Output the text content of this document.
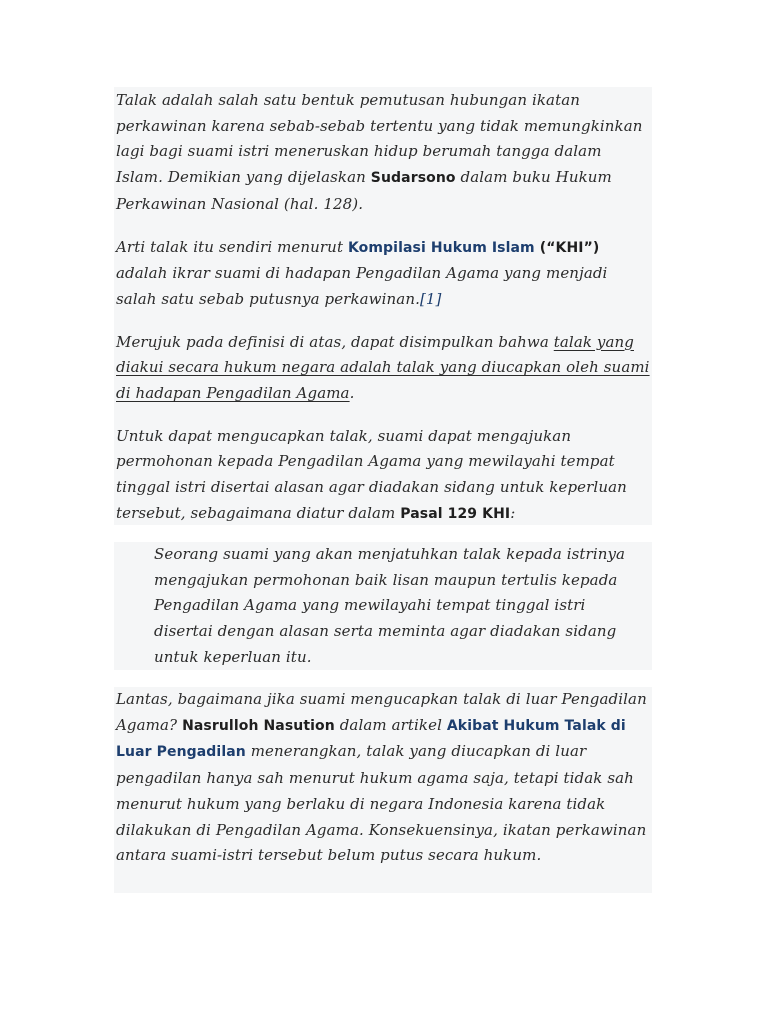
Talak adalah salah satu bentuk pemutusan hubungan ikatan perkawinan karena sebab-sebab tertentu yang tidak memungkinkan lagi bagi suami istri meneruskan hidup berumah tangga dalam Islam. Demikian yang dijelaskan Sudarsono dalam buku Hukum Perkawinan Nasional (hal. 128).

Arti talak itu sendiri menurut Kompilasi Hukum Islam (“KHI”) adalah ikrar suami di hadapan Pengadilan Agama yang menjadi salah satu sebab putusnya perkawinan.[1]

Merujuk pada definisi di atas, dapat disimpulkan bahwa talak yang diakui secara hukum negara adalah talak yang diucapkan oleh suami di hadapan Pengadilan Agama.

Untuk dapat mengucapkan talak, suami dapat mengajukan permohonan kepada Pengadilan Agama yang mewilayahi tempat tinggal istri disertai alasan agar diadakan sidang untuk keperluan tersebut, sebagaimana diatur dalam Pasal 129 KHI:

Seorang suami yang akan menjatuhkan talak kepada istrinya mengajukan permohonan baik lisan maupun tertulis kepada Pengadilan Agama yang mewilayahi tempat tinggal istri disertai dengan alasan serta meminta agar diadakan sidang untuk keperluan itu.

Lantas, bagaimana jika suami mengucapkan talak di luar Pengadilan Agama? Nasrulloh Nasution dalam artikel Akibat Hukum Talak di Luar Pengadilan menerangkan, talak yang diucapkan di luar pengadilan hanya sah menurut hukum agama saja, tetapi tidak sah menurut hukum yang berlaku di negara Indonesia karena tidak dilakukan di Pengadilan Agama. Konsekuensinya, ikatan perkawinan antara suami-istri tersebut belum putus secara hukum.
